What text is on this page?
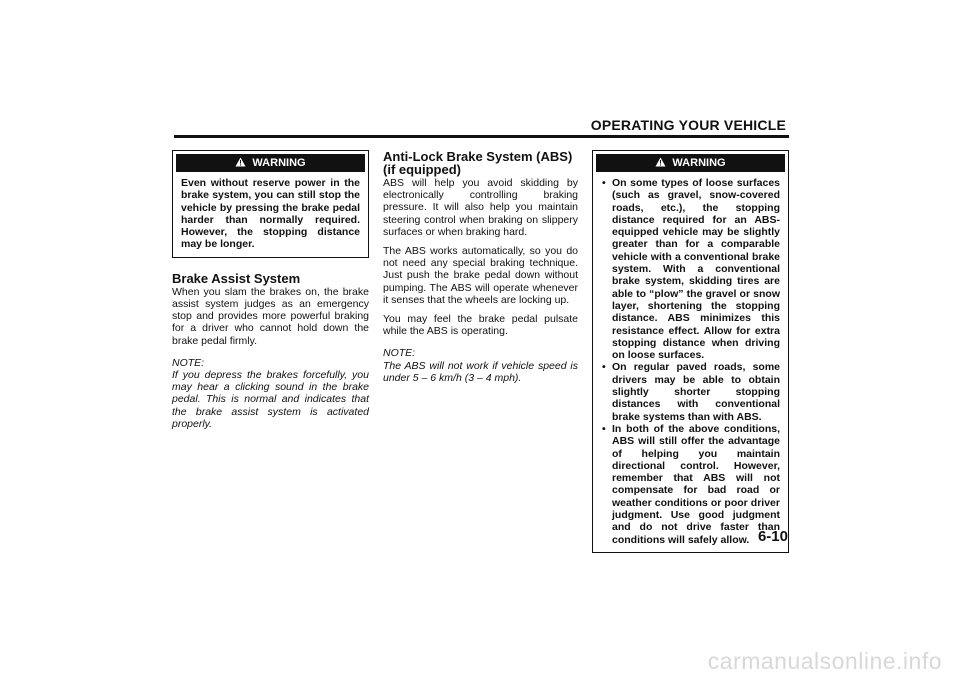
OPERATING YOUR VEHICLE
WARNING
Even without reserve power in the brake system, you can still stop the vehicle by pressing the brake pedal harder than normally required. However, the stopping distance may be longer.
Brake Assist System

When you slam the brakes on, the brake assist system judges as an emergency stop and provides more powerful braking for a driver who cannot hold down the brake pedal firmly.

NOTE:

If you depress the brakes forcefully, you may hear a clicking sound in the brake pedal. This is normal and indicates that the brake assist system is activated properly.

Anti-Lock Brake System (ABS)
(if equipped)

ABS will help you avoid skidding by electronically controlling braking pressure. It will also help you maintain steering control when braking on slippery surfaces or when braking hard.

The ABS works automatically, so you do not need any special braking technique. Just push the brake pedal down without pumping. The ABS will operate whenever it senses that the wheels are locking up.

You may feel the brake pedal pulsate while the ABS is operating.

NOTE:

The ABS will not work if vehicle speed is under 5 – 6 km/h (3 – 4 mph).

WARNING
• On some types of loose surfaces (such as gravel, snow-covered roads, etc.), the stopping distance required for an ABS-equipped vehicle may be slightly greater than for a comparable vehicle with a conventional brake system. With a conventional brake system, skidding tires are able to “plow” the gravel or snow layer, shortening the stopping distance. ABS minimizes this resistance effect. Allow for extra stopping distance when driving on loose surfaces.
• On regular paved roads, some drivers may be able to obtain slightly shorter stopping distances with conventional brake systems than with ABS.
• In both of the above conditions, ABS will still offer the advantage of helping you maintain directional control. However, remember that ABS will not compensate for bad road or weather conditions or poor driver judgment. Use good judgment and do not drive faster than conditions will safely allow. 6-10
carmanualsonline.info
